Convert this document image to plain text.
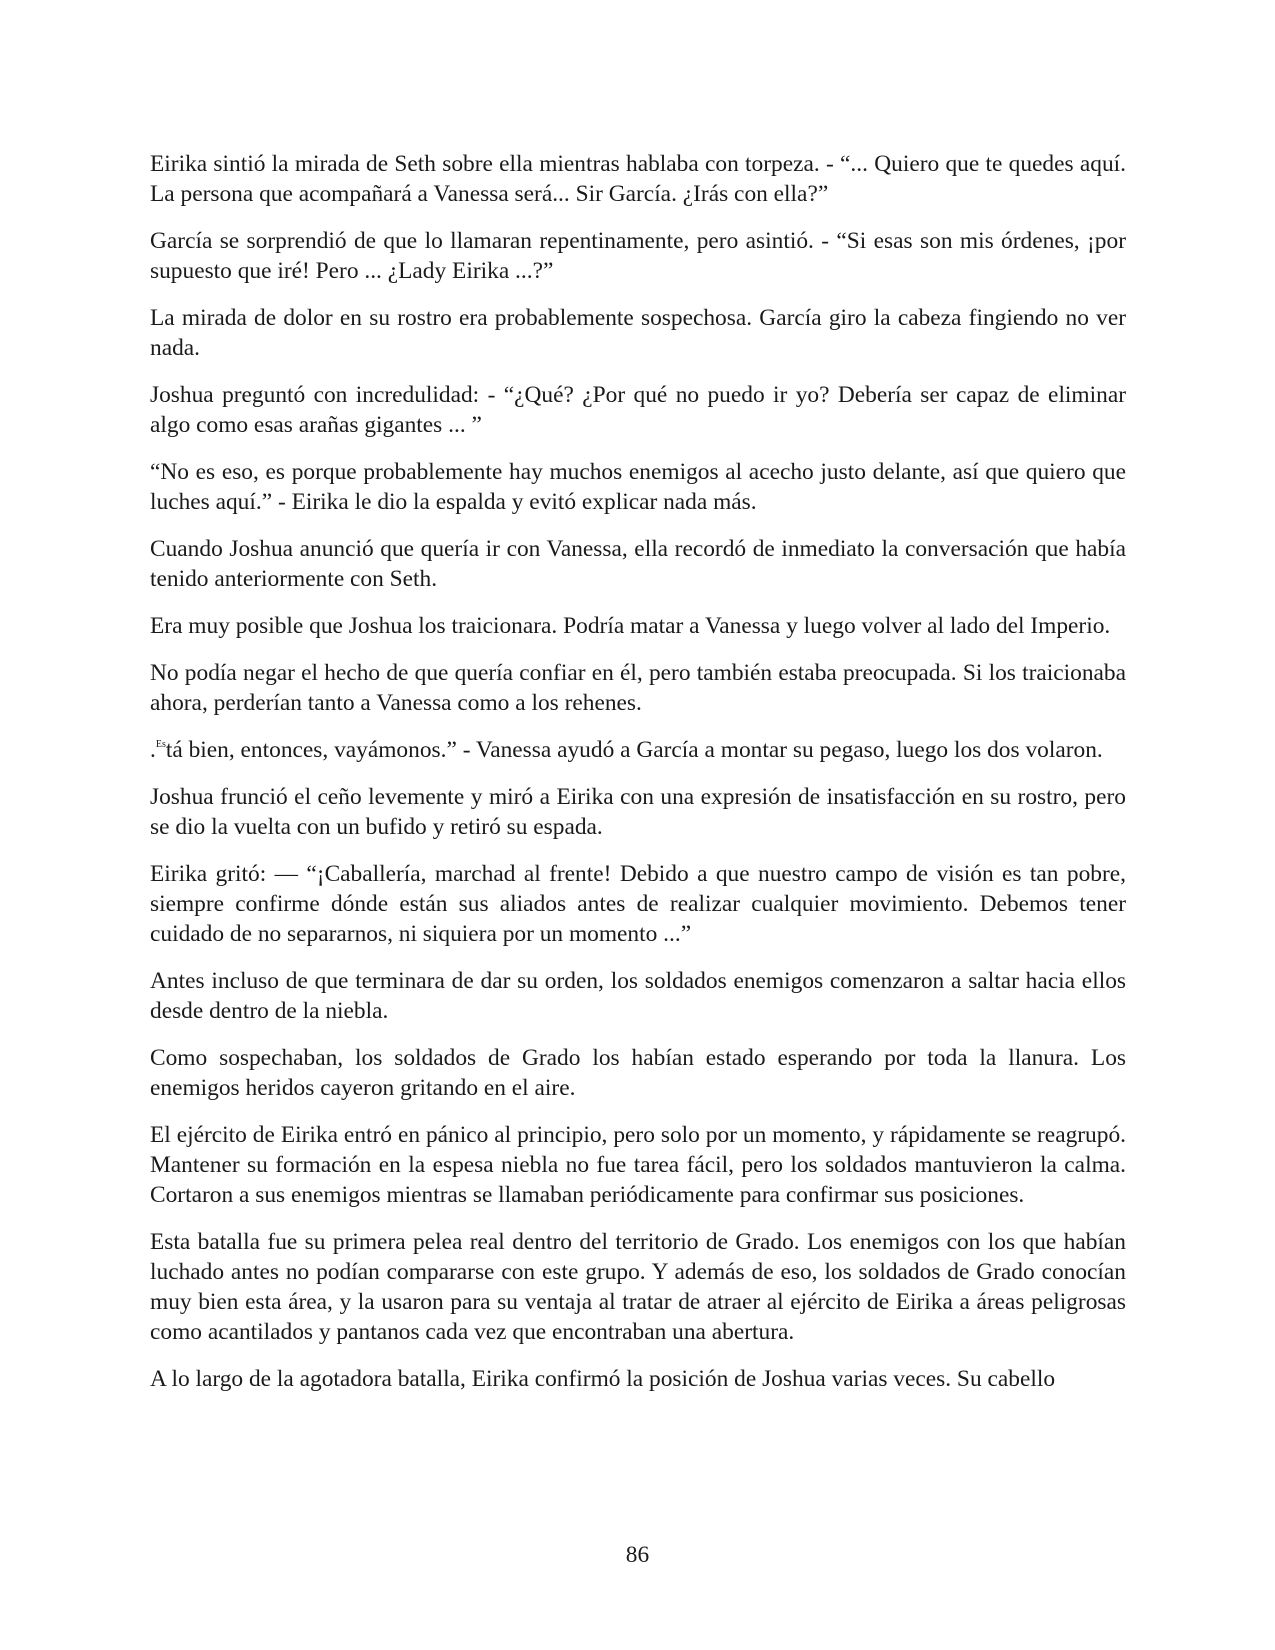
Eirika sintió la mirada de Seth sobre ella mientras hablaba con torpeza. - “... Quiero que te quedes aquí. La persona que acompañará a Vanessa será... Sir García. ¿Irás con ella?”

García se sorprendió de que lo llamaran repentinamente, pero asintió. - “Si esas son mis órdenes, ¡por supuesto que iré! Pero ... ¿Lady Eirika ...?”

La mirada de dolor en su rostro era probablemente sospechosa. García giro la cabeza fingiendo no ver nada.

Joshua preguntó con incredulidad: - “¿Qué? ¿Por qué no puedo ir yo? Debería ser capaz de eliminar algo como esas arañas gigantes ... ”

“No es eso, es porque probablemente hay muchos enemigos al acecho justo delante, así que quiero que luches aquí.” - Eirika le dio la espalda y evitó explicar nada más.

Cuando Joshua anunció que quería ir con Vanessa, ella recordó de inmediato la conversación que había tenido anteriormente con Seth.

Era muy posible que Joshua los traicionara. Podría matar a Vanessa y luego volver al lado del Imperio.

No podía negar el hecho de que quería confiar en él, pero también estaba preocupada. Si los traicionaba ahora, perderían tanto a Vanessa como a los rehenes.

.$^{Es}$tá bien, entonces, vayámonos.” - Vanessa ayudó a García a montar su pegaso, luego los dos volaron.

Joshua frunció el ceño levemente y miró a Eirika con una expresión de insatisfacción en su rostro, pero se dio la vuelta con un bufido y retiró su espada.

Eirika gritó: — “¡Caballería, marchad al frente! Debido a que nuestro campo de visión es tan pobre, siempre confirme dónde están sus aliados antes de realizar cualquier movimiento. Debemos tener cuidado de no separarnos, ni siquiera por un momento ...”

Antes incluso de que terminara de dar su orden, los soldados enemigos comenzaron a saltar hacia ellos desde dentro de la niebla.

Como sospechaban, los soldados de Grado los habían estado esperando por toda la llanura. Los enemigos heridos cayeron gritando en el aire.

El ejército de Eirika entró en pánico al principio, pero solo por un momento, y rápidamente se reagrupó. Mantener su formación en la espesa niebla no fue tarea fácil, pero los soldados mantuvieron la calma. Cortaron a sus enemigos mientras se llamaban periódicamente para confirmar sus posiciones.

Esta batalla fue su primera pelea real dentro del territorio de Grado. Los enemigos con los que habían luchado antes no podían compararse con este grupo. Y además de eso, los soldados de Grado conocían muy bien esta área, y la usaron para su ventaja al tratar de atraer al ejército de Eirika a áreas peligrosas como acantilados y pantanos cada vez que encontraban una abertura.

A lo largo de la agotadora batalla, Eirika confirmó la posición de Joshua varias veces. Su cabello

86
